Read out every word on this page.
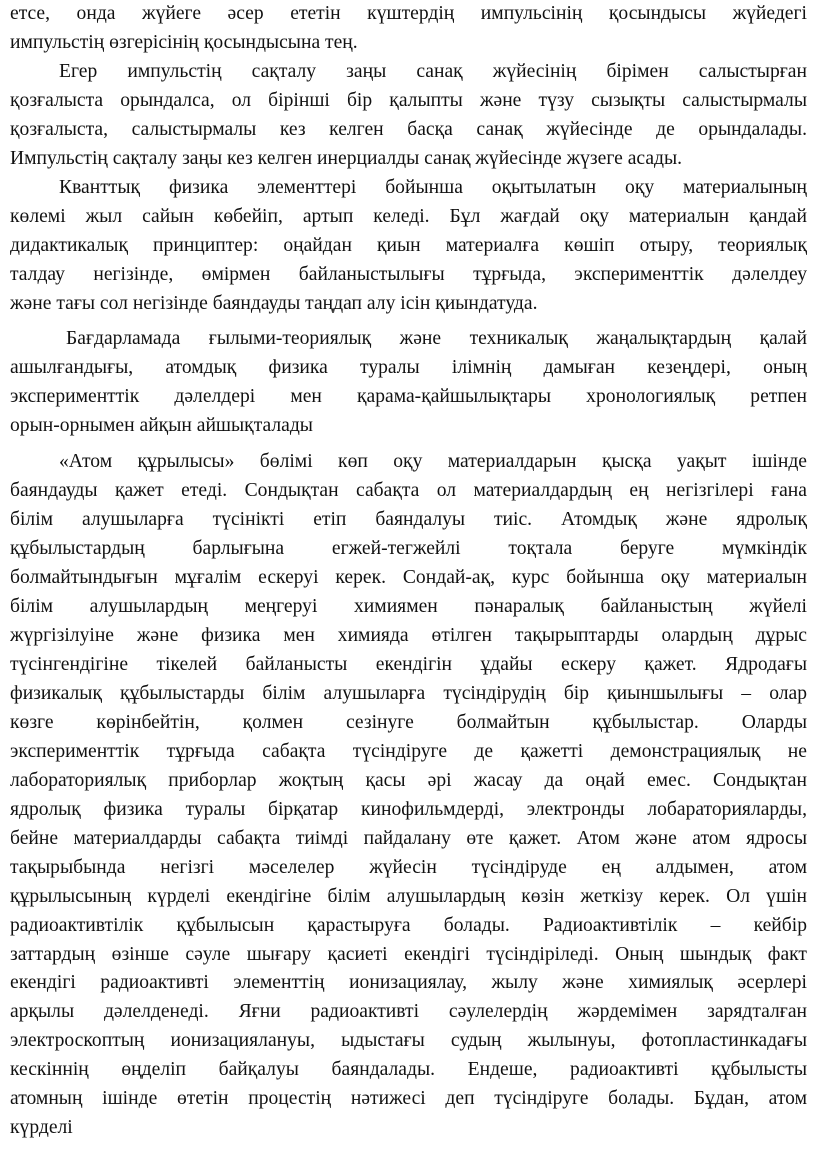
етсе, онда жүйеге әсер ететін күштердің импульсінің қосындысы жүйедегі
импульстің өзгерісінің қосындысына тең.
Егер импульстің сақталу заңы санақ жүйесінің бірімен салыстырған
қозғалыста орындалса, ол бірінші бір қалыпты және түзу сызықты салыстырмалы
қозғалыста, салыстырмалы кез келген басқа санақ жүйесінде де орындалады.
Импульстің сақталу заңы кез келген инерциалды санақ жүйесінде жүзеге асады.
Кванттық физика элементтері бойынша оқытылатын оқу материалының
көлемі жыл сайын көбейіп, артып келеді. Бұл жағдай оқу материалын қандай
дидактикалық принциптер: оңайдан қиын материалға көшіп отыру, теориялық
талдау негізінде, өмірмен байланыстылығы тұрғыда, эксперименттік дәлелдеу
және тағы сол негізінде баяндауды таңдап алу ісін қиындатуда.
Бағдарламада ғылыми-теориялық және техникалық жаңалықтардың қалай
ашылғандығы, атомдық физика туралы ілімнің дамыған кезеңдері, оның
эксперименттік дәлелдері мен қарама-қайшылықтары хронологиялық ретпен
орын-орнымен айқын айшықталады
«Атом құрылысы» бөлімі көп оқу материалдарын қысқа уақыт ішінде
баяндауды қажет етеді. Сондықтан сабақта ол материалдардың ең негізгілері ғана
білім алушыларға түсінікті етіп баяндалуы тиіс. Атомдық және ядролық
құбылыстардың барлығына егжей-тегжейлі тоқтала беруге мүмкіндік
болмайтындығын мұғалім ескеруі керек. Сондай-ақ, курс бойынша оқу материалын
білім алушылардың меңгеруі химиямен пәнаралық байланыстың жүйелі
жүргізілуіне және физика мен химияда өтілген тақырыптарды олардың дұрыс
түсінгендігіне тікелей байланысты екендігін ұдайы ескеру қажет. Ядродағы
физикалық құбылыстарды білім алушыларға түсіндірудің бір қиыншылығы – олар
көзге көрінбейтін, қолмен сезінуге болмайтын құбылыстар. Оларды
эксперименттік тұрғыда сабақта түсіндіруге де қажетті демонстрациялық не
лабораториялық приборлар жоқтың қасы әрі жасау да оңай емес. Сондықтан
ядролық физика туралы бірқатар кинофильмдерді, электронды лобараторияларды,
бейне материалдарды сабақта тиімді пайдалану өте қажет. Атом және атом ядросы
тақырыбында негізгі мәселелер жүйесін түсіндіруде ең алдымен, атом
құрылысының күрделі екендігіне білім алушылардың көзін жеткізу керек. Ол үшін
радиоактивтілік құбылысын қарастыруға болады. Радиоактивтілік – кейбір
заттардың өзінше сәуле шығару қасиеті екендігі түсіндіріледі. Оның шындық факт
екендігі радиоактивті элементтің ионизациялау, жылу және химиялық әсерлері
арқылы дәлелденеді. Яғни радиоактивті сәулелердің жәрдемімен зарядталған
электроскоптың ионизациялануы, ыдыстағы судың жылынуы, фотопластинкадағы
кескіннің өңделіп байқалуы баяндалады. Ендеше, радиоактивті құбылысты
атомның ішінде өтетін процестің нәтижесі деп түсіндіруге болады. Бұдан, атом
күрделі
